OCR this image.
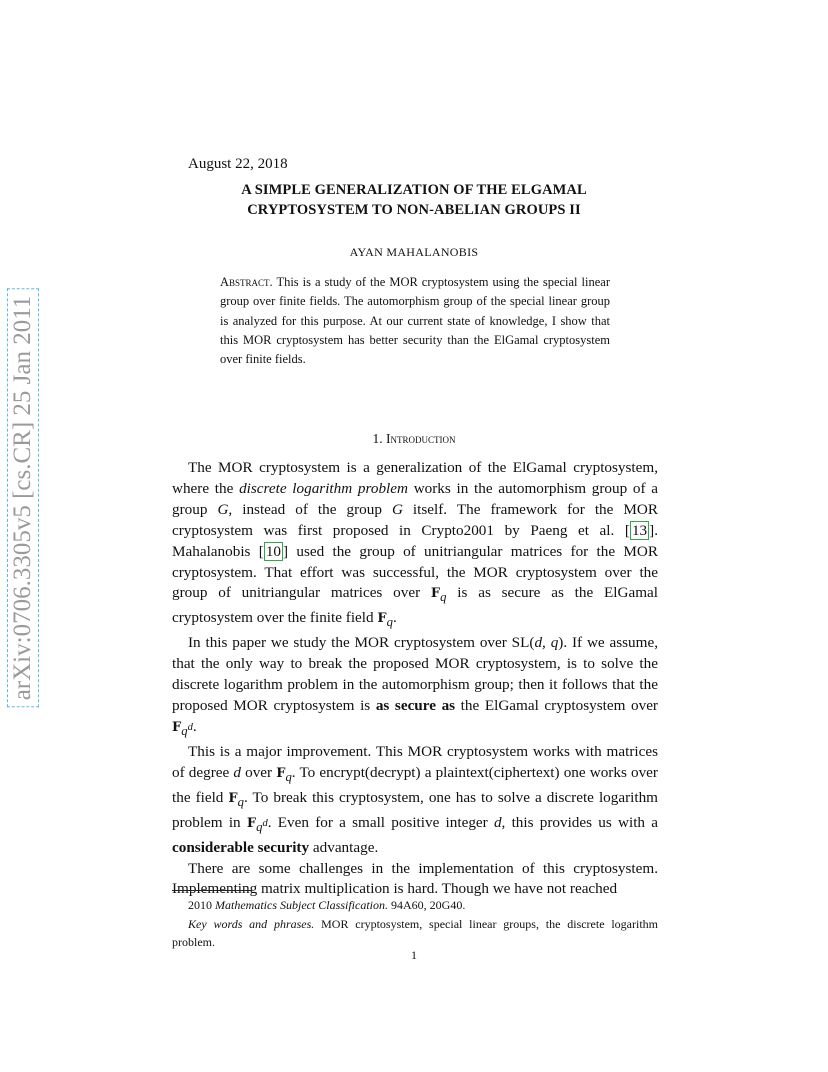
arXiv:0706.3305v5 [cs.CR] 25 Jan 2011
August 22, 2018
A SIMPLE GENERALIZATION OF THE ELGAMAL
CRYPTOSYSTEM TO NON-ABELIAN GROUPS II
AYAN MAHALANOBIS
Abstract. This is a study of the MOR cryptosystem using the special linear group over finite fields. The automorphism group of the special linear group is analyzed for this purpose. At our current state of knowledge, I show that this MOR cryptosystem has better security than the ElGamal cryptosystem over finite fields.
1. Introduction

The MOR cryptosystem is a generalization of the ElGamal cryptosystem, where the discrete logarithm problem works in the automorphism group of a group G, instead of the group G itself. The framework for the MOR cryptosystem was first proposed in Crypto2001 by Paeng et al. [ 13 ]. Mahalanobis [ 10 ] used the group of unitriangular matrices for the MOR cryptosystem. That effort was successful, the MOR cryptosystem over the group of unitriangular matrices over $F_q$ is as secure as the ElGamal cryptosystem over the finite field $F_q$.

In this paper we study the MOR cryptosystem over SL(d, q). If we assume, that the only way to break the proposed MOR cryptosystem, is to solve the discrete logarithm problem in the automorphism group; then it follows that the proposed MOR cryptosystem is as secure as the ElGamal cryptosystem over $F_{q^d}$.

This is a major improvement. This MOR cryptosystem works with matrices of degree d over $F_q$. To encrypt(decrypt) a plaintext(ciphertext) one works over the field $F_q$. To break this cryptosystem, one has to solve a discrete logarithm problem in $F_{q^d}$. Even for a small positive integer d, this provides us with a considerable security advantage.

There are some challenges in the implementation of this cryptosystem. Implementing matrix multiplication is hard. Though we have not reached

2010 Mathematics Subject Classification. 94A60, 20G40.

Key words and phrases. MOR cryptosystem, special linear groups, the discrete logarithm problem.

1
